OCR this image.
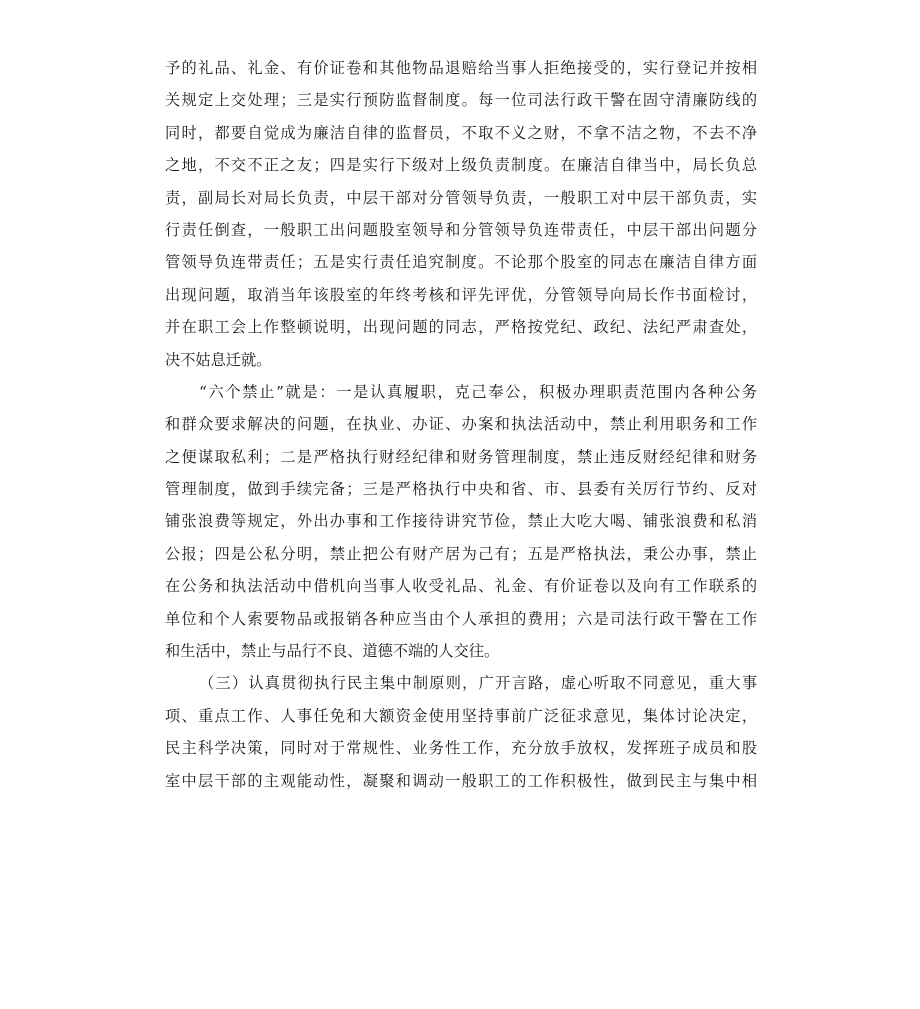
予的礼品、礼金、有价证卷和其他物品退赔给当事人拒绝接受的，实行登记并按相
关规定上交处理；三是实行预防监督制度。每一位司法行政干警在固守清廉防线的
同时，都要自觉成为廉洁自律的监督员，不取不义之财，不拿不洁之物，不去不净
之地，不交不正之友；四是实行下级对上级负责制度。在廉洁自律当中，局长负总
责，副局长对局长负责，中层干部对分管领导负责，一般职工对中层干部负责，实
行责任倒查，一般职工出问题股室领导和分管领导负连带责任，中层干部出问题分
管领导负连带责任；五是实行责任追究制度。不论那个股室的同志在廉洁自律方面
出现问题，取消当年该股室的年终考核和评先评优，分管领导向局长作书面检讨，
并在职工会上作整顿说明，出现问题的同志，严格按党纪、政纪、法纪严肃查处，
决不姑息迁就。
“六个禁止”就是：一是认真履职，克己奉公，积极办理职责范围内各种公务
和群众要求解决的问题，在执业、办证、办案和执法活动中，禁止利用职务和工作
之便谋取私利；二是严格执行财经纪律和财务管理制度，禁止违反财经纪律和财务
管理制度，做到手续完备；三是严格执行中央和省、市、县委有关厉行节约、反对
铺张浪费等规定，外出办事和工作接待讲究节俭，禁止大吃大喝、铺张浪费和私消
公报；四是公私分明，禁止把公有财产居为己有；五是严格执法，秉公办事，禁止
在公务和执法活动中借机向当事人收受礼品、礼金、有价证卷以及向有工作联系的
单位和个人索要物品或报销各种应当由个人承担的费用；六是司法行政干警在工作
和生活中，禁止与品行不良、道德不端的人交往。
（三）认真贯彻执行民主集中制原则，广开言路，虚心听取不同意见，重大事
项、重点工作、人事任免和大额资金使用坚持事前广泛征求意见，集体讨论决定，
民主科学决策，同时对于常规性、业务性工作，充分放手放权，发挥班子成员和股
室中层干部的主观能动性，凝聚和调动一般职工的工作积极性，做到民主与集中相
